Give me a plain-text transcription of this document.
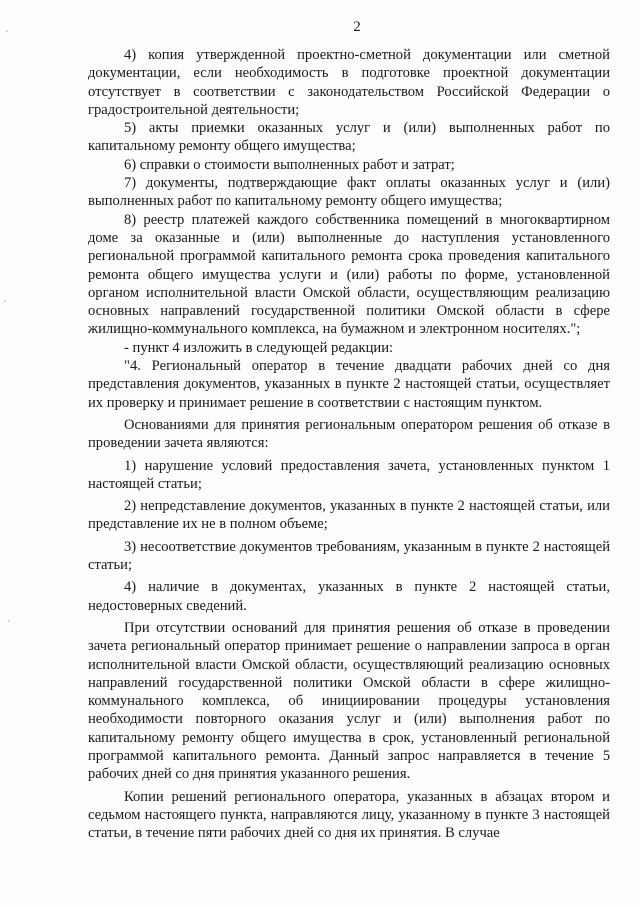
2

4) копия утвержденной проектно-сметной документации или сметной документации, если необходимость в подготовке проектной документации отсутствует в соответствии с законодательством Российской Федерации о градостроительной деятельности;

5) акты приемки оказанных услуг и (или) выполненных работ по капитальному ремонту общего имущества;

6) справки о стоимости выполненных работ и затрат;

7) документы, подтверждающие факт оплаты оказанных услуг и (или) выполненных работ по капитальному ремонту общего имущества;

8) реестр платежей каждого собственника помещений в многоквартирном доме за оказанные и (или) выполненные до наступления установленного региональной программой капитального ремонта срока проведения капитального ремонта общего имущества услуги и (или) работы по форме, установленной органом исполнительной власти Омской области, осуществляющим реализацию основных направлений государственной политики Омской области в сфере жилищно-коммунального комплекса, на бумажном и электронном носителях.";

- пункт 4 изложить в следующей редакции:

"4. Региональный оператор в течение двадцати рабочих дней со дня представления документов, указанных в пункте 2 настоящей статьи, осуществляет их проверку и принимает решение в соответствии с настоящим пунктом.

Основаниями для принятия региональным оператором решения об отказе в проведении зачета являются:

1) нарушение условий предоставления зачета, установленных пунктом 1 настоящей статьи;

2) непредставление документов, указанных в пункте 2 настоящей статьи, или представление их не в полном объеме;

3) несоответствие документов требованиям, указанным в пункте 2 настоящей статьи;

4) наличие в документах, указанных в пункте 2 настоящей статьи, недостоверных сведений.

При отсутствии оснований для принятия решения об отказе в проведении зачета региональный оператор принимает решение о направлении запроса в орган исполнительной власти Омской области, осуществляющий реализацию основных направлений государственной политики Омской области в сфере жилищно-коммунального комплекса, об инициировании процедуры установления необходимости повторного оказания услуг и (или) выполнения работ по капитальному ремонту общего имущества в срок, установленный региональной программой капитального ремонта. Данный запрос направляется в течение 5 рабочих дней со дня принятия указанного решения.

Копии решений регионального оператора, указанных в абзацах втором и седьмом настоящего пункта, направляются лицу, указанному в пункте 3 настоящей статьи, в течение пяти рабочих дней со дня их принятия. В случае
